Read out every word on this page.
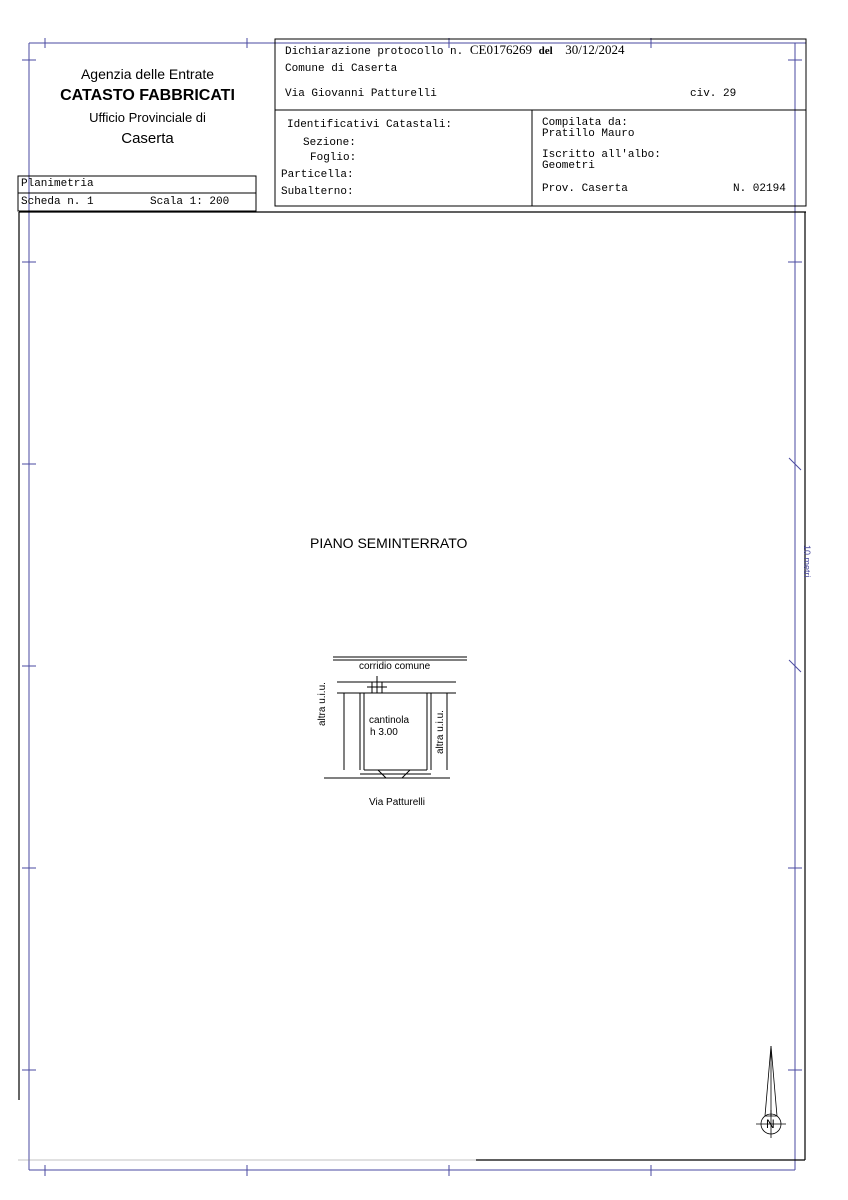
Agenzia delle Entrate
CATASTO FABBRICATI
Ufficio Provinciale di
Caserta
Dichiarazione protocollo n. CE0176269 del 30/12/2024
Comune di Caserta
Via Giovanni Patturelli	civ. 29
Identificativi Catastali:
Sezione:
Foglio:
Particella:
Subalterno:
Compilata da:
Pratillo Mauro
Iscritto all'albo:
Geometri
Prov. Caserta	N. 02194
Planimetria
Scheda n. 1	Scala 1: 200
PIANO SEMINTERRATO
corridio comune
cantinola
h 3.00
altra u.i.u.
altra u.i.u.
Via Patturelli
10 metri
N
